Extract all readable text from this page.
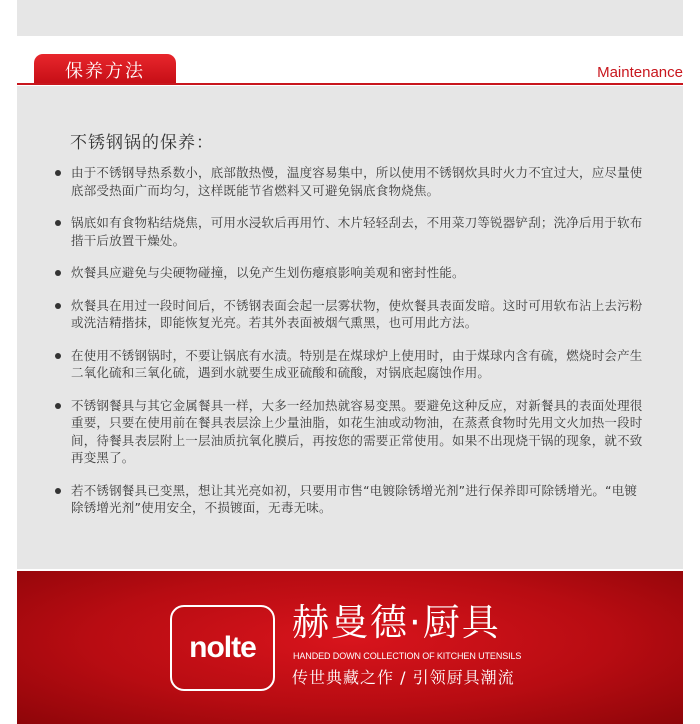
保养方法	Maintenance
不锈钢锅的保养：
由于不锈钢导热系数小，底部散热慢，温度容易集中，所以使用不锈钢炊具时火力不宜过大，应尽量使底部受热面广而均匀，这样既能节省燃料又可避免锅底食物烧焦。
锅底如有食物粘结烧焦，可用水浸软后再用竹、木片轻轻刮去，不用菜刀等锐器铲刮；洗净后用于软布揩干后放置干燥处。
炊餐具应避免与尖硬物碰撞，以免产生划伤瘪痕影响美观和密封性能。
炊餐具在用过一段时间后，不锈钢表面会起一层雾状物，使炊餐具表面发暗。这时可用软布沾上去污粉或洗洁精揩抹，即能恢复光亮。若其外表面被烟气熏黑，也可用此方法。
在使用不锈钢锅时，不要让锅底有水渍。特别是在煤球炉上使用时，由于煤球内含有硫，燃烧时会产生二氧化硫和三氧化硫，遇到水就要生成亚硫酸和硫酸，对锅底起腐蚀作用。
不锈钢餐具与其它金属餐具一样，大多一经加热就容易变黑。要避免这种反应，对新餐具的表面处理很重要，只要在使用前在餐具表层涂上少量油脂，如花生油或动物油，在蒸煮食物时先用文火加热一段时间，待餐具表层附上一层油质抗氧化膜后，再按您的需要正常使用。如果不出现烧干锅的现象，就不致再变黑了。
若不锈钢餐具已变黑，想让其光亮如初，只要用市售“电镀除锈增光剂”进行保养即可除锈增光。“电镀除锈增光剂”使用安全，不损镀面，无毒无味。
nolte
赫曼德·厨具
HANDED DOWN COLLECTION OF KITCHEN UTENSILS
传世典藏之作 / 引领厨具潮流
